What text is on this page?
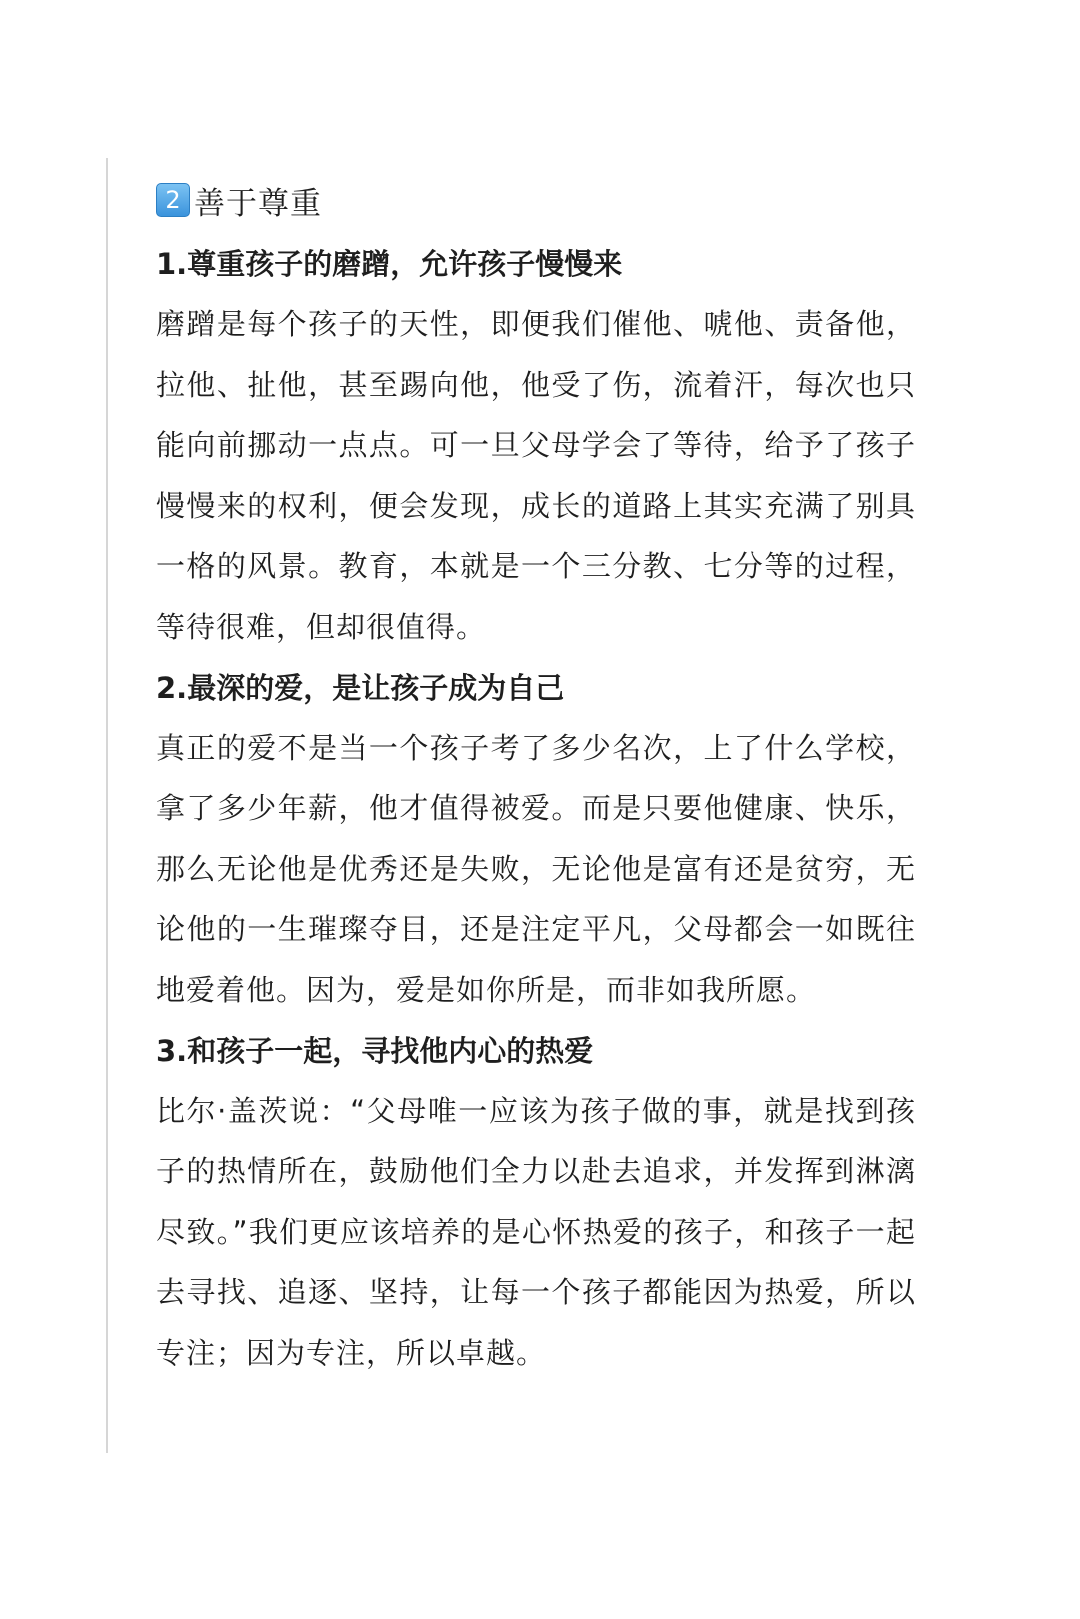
2 善于尊重
1.尊重孩子的磨蹭，允许孩子慢慢来

磨蹭是每个孩子的天性，即便我们催他、唬他、责备他，拉他、扯他，甚至踢向他，他受了伤，流着汗，每次也只能向前挪动一点点。可一旦父母学会了等待，给予了孩子慢慢来的权利，便会发现，成长的道路上其实充满了别具一格的风景。教育，本就是一个三分教、七分等的过程，等待很难，但却很值得。

2.最深的爱，是让孩子成为自己

真正的爱不是当一个孩子考了多少名次，上了什么学校，拿了多少年薪，他才值得被爱。而是只要他健康、快乐，那么无论他是优秀还是失败，无论他是富有还是贫穷，无论他的一生璀璨夺目，还是注定平凡，父母都会一如既往地爱着他。因为，爱是如你所是，而非如我所愿。

3.和孩子一起，寻找他内心的热爱

比尔·盖茨说：“父母唯一应该为孩子做的事，就是找到孩子的热情所在，鼓励他们全力以赴去追求，并发挥到淋漓尽致。”我们更应该培养的是心怀热爱的孩子，和孩子一起去寻找、追逐、坚持，让每一个孩子都能因为热爱，所以专注；因为专注，所以卓越。
